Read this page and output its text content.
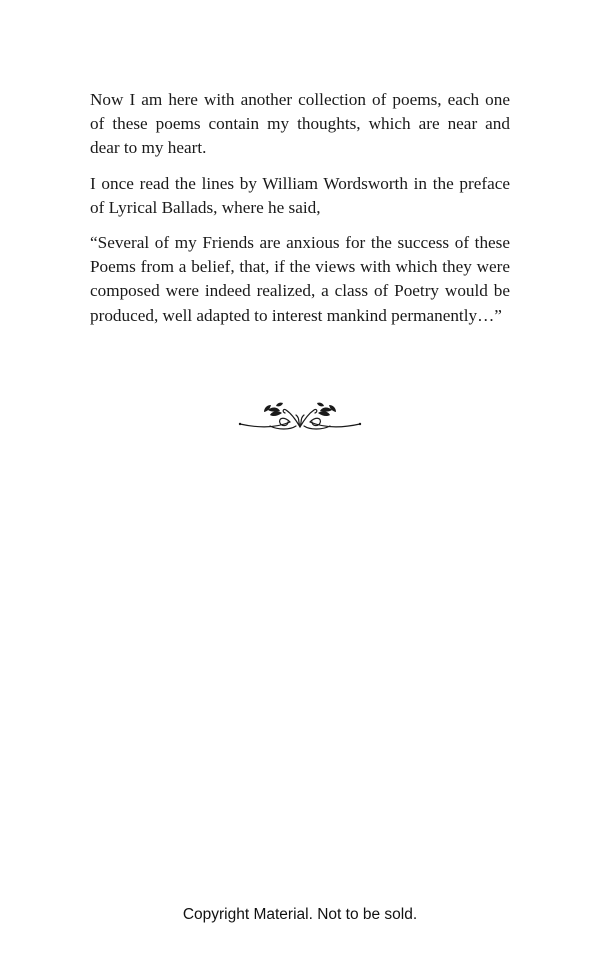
Now I am here with another collection of poems, each one of these poems contain my thoughts, which are near and dear to my heart.

I once read the lines by William Wordsworth in the preface of Lyrical Ballads, where he said,

“Several of my Friends are anxious for the success of these Poems from a belief, that, if the views with which they were composed were indeed realized, a class of Poetry would be produced, well adapted to interest mankind permanently…”

Copyright Material. Not to be sold.
